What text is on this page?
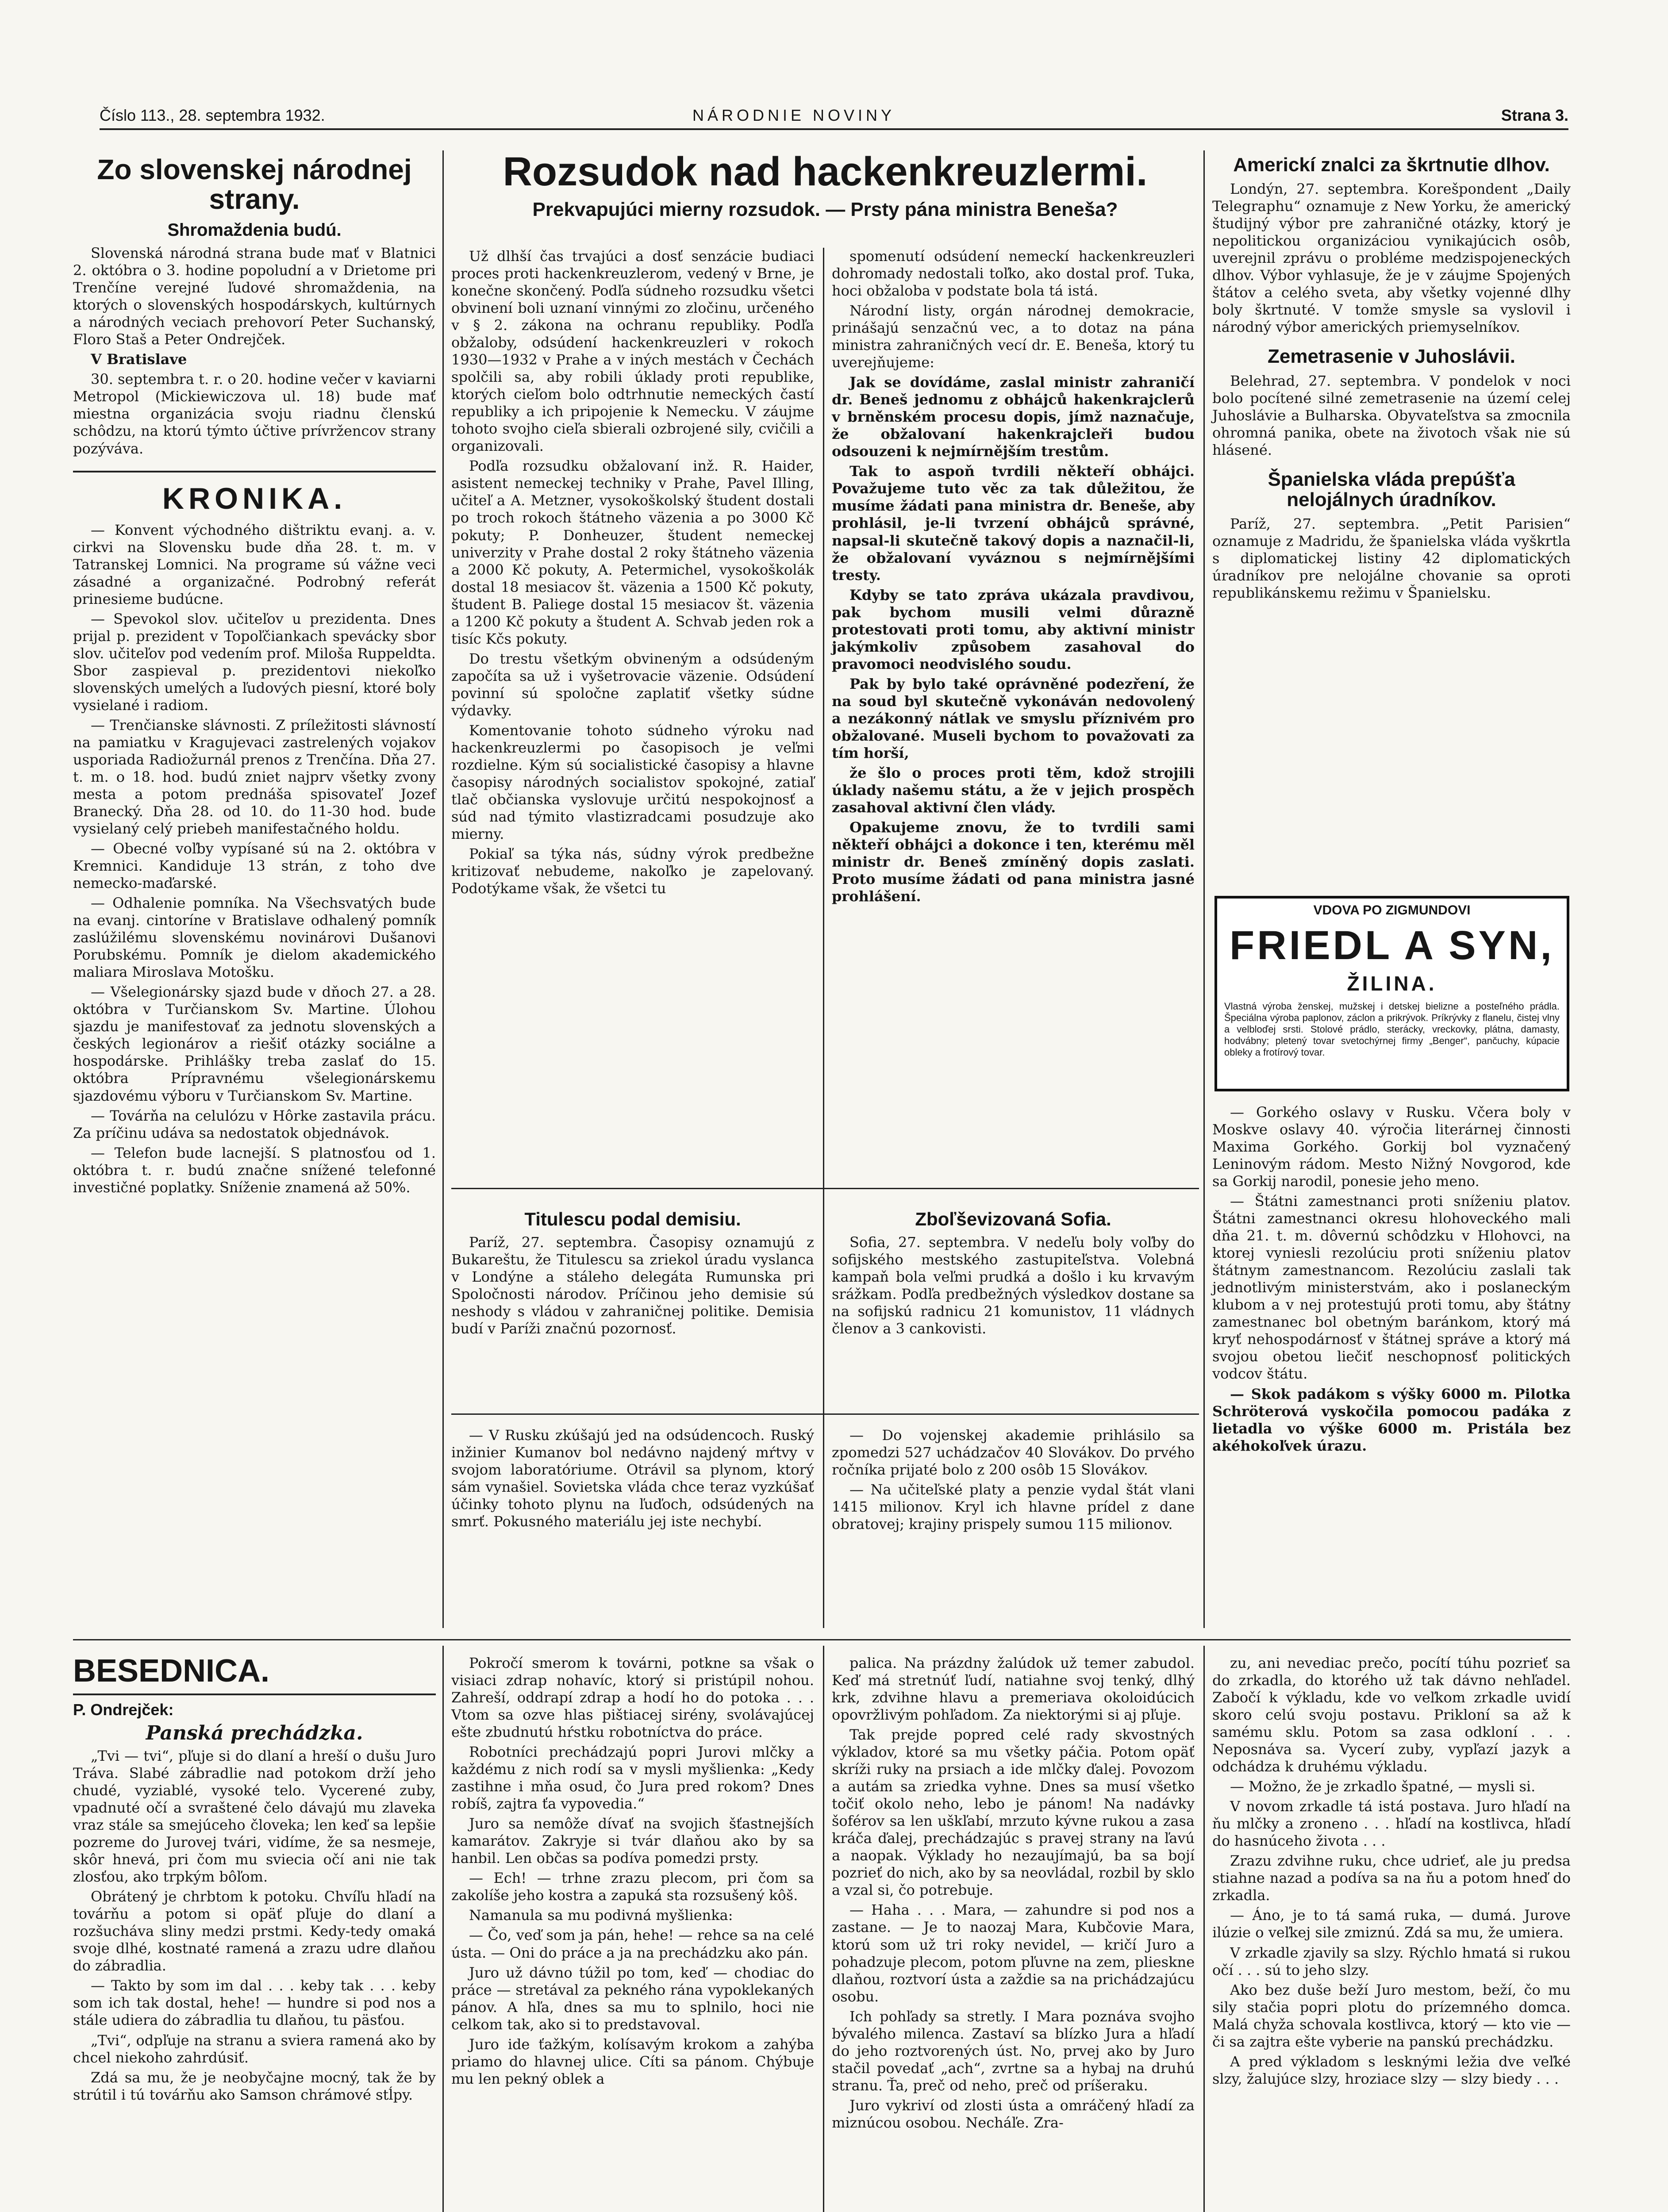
Číslo 113., 28. septembra 1932.	NÁRODNIE NOVINY	Strana 3.
Zo slovenskej národnej strany.
Shromaždenia budú.

Slovenská národná strana bude mať v Blatnici 2. októbra o 3. hodine popoludní a v Drietome pri Trenčíne verejné ľudové shromaždenia, na ktorých o slovenských hospodárskych, kultúrnych a národných veciach prehovorí Peter Suchanský, Floro Staš a Peter Ondrejček.

V Bratislave

30. septembra t. r. o 20. hodine večer v kaviarni Metropol (Mickiewiczova ul. 18) bude mať miestna organizácia svoju riadnu členskú schôdzu, na ktorú týmto účtive prívržencov strany pozýváva.

KRONIKA.

— Konvent východného dištriktu evanj. a. v. cirkvi na Slovensku bude dňa 28. t. m. v Tatranskej Lomnici. Na programe sú vážne veci zásadné a organizačné. Podrobný referát prinesieme budúcne.

— Spevokol slov. učiteľov u prezidenta. Dnes prijal p. prezident v Topoľčiankach spevácky sbor slov. učiteľov pod vedením prof. Miloša Ruppeldta. Sbor zaspieval p. prezidentovi niekoľko slovenských umelých a ľudových piesní, ktoré boly vysielané i radiom.

— Trenčianske slávnosti. Z príležitosti slávností na pamiatku v Kragujevaci zastrelených vojakov usporiada Radiožurnál prenos z Trenčína. Dňa 27. t. m. o 18. hod. budú zniet najprv všetky zvony mesta a potom prednáša spisovateľ Jozef Branecký. Dňa 28. od 10. do 11-30 hod. bude vysielaný celý priebeh manifestačného holdu.

— Obecné voľby vypísané sú na 2. októbra v Kremnici. Kandiduje 13 strán, z toho dve nemecko-maďarské.

— Odhalenie pomníka. Na Všechsvatých bude na evanj. cintoríne v Bratislave odhalený pomník zaslúžilému slovenskému novinárovi Dušanovi Porubskému. Pomník je dielom akademického maliara Miroslava Motošku.

— Všelegionársky sjazd bude v dňoch 27. a 28. októbra v Turčianskom Sv. Martine. Úlohou sjazdu je manifestovať za jednotu slovenských a českých legionárov a riešiť otázky sociálne a hospodárske. Prihlášky treba zaslať do 15. októbra Prípravnému všelegionárskemu sjazdovému výboru v Turčianskom Sv. Martine.

— Továrňa na celulózu v Hôrke zastavila prácu. Za príčinu udáva sa nedostatok objednávok.

— Telefon bude lacnejší. S platnosťou od 1. októbra t. r. budú značne snížené telefonné investičné poplatky. Sníženie znamená až 50%.

Rozsudok nad hackenkreuzlermi.
Prekvapujúci mierny rozsudok. — Prsty pána ministra Beneša?

Už dlhší čas trvajúci a dosť senzácie budiaci proces proti hackenkreuzlerom, vedený v Brne, je konečne skončený. Podľa súdneho rozsudku všetci obvinení boli uznaní vinnými zo zločinu, určeného v § 2. zákona na ochranu republiky. Podľa obžaloby, odsúdení hackenkreuzleri v rokoch 1930—1932 v Prahe a v iných mestách v Čechách spolčili sa, aby robili úklady proti republike, ktorých cieľom bolo odtrhnutie nemeckých častí republiky a ich pripojenie k Nemecku. V záujme tohoto svojho cieľa sbierali ozbrojené sily, cvičili a organizovali.

Podľa rozsudku obžalovaní inž. R. Haider, asistent nemeckej techniky v Prahe, Pavel Illing, učiteľ a A. Metzner, vysokoškolský študent dostali po troch rokoch štátneho väzenia a po 3000 Kč pokuty; P. Donheuzer, študent nemeckej univerzity v Prahe dostal 2 roky štátneho väzenia a 2000 Kč pokuty, A. Petermichel, vysokoškolák dostal 18 mesiacov št. väzenia a 1500 Kč pokuty, študent B. Paliege dostal 15 mesiacov št. väzenia a 1200 Kč pokuty a študent A. Schvab jeden rok a tisíc Kčs pokuty.

Do trestu všetkým obvineným a odsúdeným započíta sa už i vyšetrovacie väzenie. Odsúdení povinní sú spoločne zaplatiť všetky súdne výdavky.

Komentovanie tohoto súdneho výroku nad hackenkreuzlermi po časopisoch je veľmi rozdielne. Kým sú socialistické časopisy a hlavne časopisy národných socialistov spokojné, zatiaľ tlač občianska vyslovuje určitú nespokojnosť a súd nad týmito vlastizradcami posudzuje ako mierny.

Pokiaľ sa týka nás, súdny výrok predbežne kritizovať nebudeme, nakoľko je zapelovaný. Podotýkame však, že všetci tu

spomenutí odsúdení nemeckí hackenkreuzleri dohromady nedostali toľko, ako dostal prof. Tuka, hoci obžaloba v podstate bola tá istá.

Národní listy, orgán národnej demokracie, prinášajú senzačnú vec, a to dotaz na pána ministra zahraničných vecí dr. E. Beneša, ktorý tu uverejňujeme:

Jak se dovídáme, zaslal ministr zahraničí dr. Beneš jednomu z obhájců hakenkrajclerů v brněnském procesu dopis, jímž naznačuje, že obžalovaní hakenkrajcleři budou odsouzeni k nejmírnějším trestům.

Tak to aspoň tvrdili někteří obhájci. Považujeme tuto věc za tak důležitou, že musíme žádati pana ministra dr. Beneše, aby prohlásil, je-li tvrzení obhájců správné, napsal-li skutečně takový dopis a naznačil-li, že obžalovaní vyváznou s nejmírnějšími tresty.

Kdyby se tato zpráva ukázala pravdivou, pak bychom musili velmi důrazně protestovati proti tomu, aby aktivní ministr jakýmkoliv způsobem zasahoval do pravomoci neodvislého soudu.

Pak by bylo také oprávněné podezření, že na soud byl skutečně vykonáván nedovolený a nezákonný nátlak ve smyslu příznivém pro obžalované. Museli bychom to považovati za tím horší,

že šlo o proces proti těm, kdož strojili úklady našemu státu, a že v jejich prospěch zasahoval aktivní člen vlády.

Opakujeme znovu, že to tvrdili sami někteří obhájci a dokonce i ten, kterému měl ministr dr. Beneš zmíněný dopis zaslati. Proto musíme žádati od pana ministra jasné prohlášení.

Titulescu podal demisiu.

Paríž, 27. septembra. Časopisy oznamujú z Bukareštu, že Titulescu sa zriekol úradu vyslanca v Londýne a stáleho delegáta Rumunska pri Spoločnosti národov. Príčinou jeho demisie sú neshody s vládou v zahraničnej politike. Demisia budí v Paríži značnú pozornosť.

Zboľševizovaná Sofia.

Sofia, 27. septembra. V nedeľu boly voľby do sofijského mestského zastupiteľstva. Volebná kampaň bola veľmi prudká a došlo i ku krvavým srážkam. Podľa predbežných výsledkov dostane sa na sofijskú radnicu 21 komunistov, 11 vládnych členov a 3 cankovisti.

— V Rusku zkúšajú jed na odsúdencoch. Ruský inžinier Kumanov bol nedávno najdený mŕtvy v svojom laboratóriume. Otrávil sa plynom, ktorý sám vynašiel. Sovietska vláda chce teraz vyzkúšať účinky tohoto plynu na ľuďoch, odsúdených na smrť. Pokusného materiálu jej iste nechybí.

— Do vojenskej akademie prihlásilo sa zpomedzi 527 uchádzačov 40 Slovákov. Do prvého ročníka prijaté bolo z 200 osôb 15 Slovákov.

— Na učiteľské platy a penzie vydal štát vlani 1415 milionov. Kryl ich hlavne prídel z dane obratovej; krajiny prispely sumou 115 milionov.

Americkí znalci za škrtnutie dlhov.

Londýn, 27. septembra. Korešpondent „Daily Telegraphu“ oznamuje z New Yorku, že americký študijný výbor pre zahraničné otázky, ktorý je nepolitickou organizáciou vynikajúcich osôb, uverejnil zprávu o probléme medzispojeneckých dlhov. Výbor vyhlasuje, že je v záujme Spojených štátov a celého sveta, aby všetky vojenné dlhy boly škrtnuté. V tomže smysle sa vyslovil i národný výbor amerických priemyselníkov.

Zemetrasenie v Juhoslávii.

Belehrad, 27. septembra. V pondelok v noci bolo pocítené silné zemetrasenie na území celej Juhoslávie a Bulharska. Obyvateľstva sa zmocnila ohromná panika, obete na životoch však nie sú hlásené.

Španielska vláda prepúšťa nelojálnych úradníkov.

Paríž, 27. septembra. „Petit Parisien“ oznamuje z Madridu, že španielska vláda vyškrtla s diplomatickej listiny 42 diplomatických úradníkov pre nelojálne chovanie sa oproti republikánskemu režimu v Španielsku.

VDOVA PO ZIGMUNDOVI
FRIEDL A SYN,
ŽILINA.
Vlastná výroba ženskej, mužskej i detskej bielizne a posteľného prádla. Špeciálna výroba paplonov, záclon a prikrývok. Príkrývky z flanelu, čistej vlny a velbloďej srsti. Stolové prádlo, sterácky, vreckovky, plátna, damasty, hodvábny; pletený tovar svetochýrnej firmy „Benger“, pančuchy, kúpacie obleky a frotírový tovar.

— Gorkého oslavy v Rusku. Včera boly v Moskve oslavy 40. výročia literárnej činnosti Maxima Gorkého. Gorkij bol vyznačený Leninovým rádom. Mesto Nižný Novgorod, kde sa Gorkij narodil, ponesie jeho meno.

— Štátni zamestnanci proti sníženiu platov. Štátni zamestnanci okresu hlohoveckého mali dňa 21. t. m. dôvernú schôdzku v Hlohovci, na ktorej vyniesli rezolúciu proti sníženiu platov štátnym zamestnancom. Rezolúciu zaslali tak jednotlivým ministerstvám, ako i poslaneckým klubom a v nej protestujú proti tomu, aby štátny zamestnanec bol obetným baránkom, ktorý má kryť nehospodárnosť v štátnej správe a ktorý má svojou obetou liečiť neschopnosť politických vodcov štátu.

— Skok padákom s výšky 6000 m. Pilotka Schröterová vyskočila pomocou padáka z lietadla vo výške 6000 m. Pristála bez akéhokoľvek úrazu.

BESEDNICA.
P. Ondrejček:
Panská prechádzka.

„Tvi — tvi“, pľuje si do dlaní a hreší o dušu Juro Tráva. Slabé zábradlie nad potokom drží jeho chudé, vyziablé, vysoké telo. Vycerené zuby, vpadnuté očí a svraštené čelo dávajú mu zlaveka vraz stále sa smejúceho človeka; len keď sa lepšie pozreme do Jurovej tvári, vidíme, že sa nesmeje, skôr hnevá, pri čom mu sviecia očí ani nie tak zlosťou, ako trpkým bôľom.

Obrátený je chrbtom k potoku. Chvíľu hľadí na továrňu a potom si opäť pľuje do dlaní a rozšucháva sliny medzi prstmi. Kedy-tedy omaká svoje dlhé, kostnaté ramená a zrazu udre dlaňou do zábradlia.

— Takto by som im dal . . . keby tak . . . keby som ich tak dostal, hehe! — hundre si pod nos a stále udiera do zábradlia tu dlaňou, tu päsťou.

„Tvi“, odpľuje na stranu a sviera ramená ako by chcel niekoho zahrdúsiť.

Zdá sa mu, že je neobyčajne mocný, tak že by strútil i tú továrňu ako Samson chrámové stĺpy.

Pokročí smerom k továrni, potkne sa však o visiaci zdrap nohavíc, ktorý si pristúpil nohou. Zahreší, oddrapí zdrap a hodí ho do potoka . . . Vtom sa ozve hlas pištiacej sirény, svolávajúcej ešte zbudnutú hŕstku robotníctva do práce.

Robotníci prechádzajú popri Jurovi mlčky a každému z nich rodí sa v mysli myšlienka: „Kedy zastihne i mňa osud, čo Jura pred rokom? Dnes robíš, zajtra ťa vypovedia.“

Juro sa nemôže dívať na svojich šťastnejších kamarátov. Zakryje si tvár dlaňou ako by sa hanbil. Len občas sa podíva pomedzi prsty.

— Ech! — trhne zrazu plecom, pri čom sa zakolíše jeho kostra a zapuká sta rozsušený kôš.

Namanula sa mu podivná myšlienka:

— Čo, veď som ja pán, hehe! — rehce sa na celé ústa. — Oni do práce a ja na prechádzku ako pán.

Juro už dávno túžil po tom, keď — chodiac do práce — stretával za pekného rána vypoklekaných pánov. A hľa, dnes sa mu to splnilo, hoci nie celkom tak, ako si to predstavoval.

Juro ide ťažkým, kolísavým krokom a zahýba priamo do hlavnej ulice. Cíti sa pánom. Chýbuje mu len pekný oblek a

palica. Na prázdny žalúdok už temer zabudol. Keď má stretnúť ľudí, natiahne svoj tenký, dlhý krk, zdvihne hlavu a premeriava okoloidúcich opovržlivým pohľadom. Za niektorými si aj pľuje.

Tak prejde popred celé rady skvostných výkladov, ktoré sa mu všetky páčia. Potom opäť skríži ruky na prsiach a ide mlčky ďalej. Povozom a autám sa zriedka vyhne. Dnes sa musí všetko točiť okolo neho, lebo je pánom! Na nadávky šoférov sa len uškľabí, mrzuto kývne rukou a zasa kráča ďalej, prechádzajúc s pravej strany na ľavú a naopak. Výklady ho nezaujímajú, ba sa bojí pozrieť do nich, ako by sa neovládal, rozbil by sklo a vzal si, čo potrebuje.

— Haha . . . Mara, — zahundre si pod nos a zastane. — Je to naozaj Mara, Kubčovie Mara, ktorú som už tri roky nevidel, — kričí Juro a pohadzuje plecom, potom pľuvne na zem, plieskne dlaňou, roztvorí ústa a zaždie sa na prichádzajúcu osobu.

Ich pohľady sa stretly. I Mara poznáva svojho bývalého milenca. Zastaví sa blízko Jura a hľadí do jeho roztvorených úst. No, prvej ako by Juro stačil povedať „ach“, zvrtne sa a hybaj na druhú stranu. Ťa, preč od neho, preč od príšeraku.

Juro vykriví od zlosti ústa a omráčený hľadí za miznúcou osobou. Necháľe. Zra-

zu, ani nevediac prečo, pocítí túhu pozrieť sa do zrkadla, do ktorého už tak dávno nehľadel. Zabočí k výkladu, kde vo veľkom zrkadle uvidí skoro celú svoju postavu. Prikloní sa až k samému sklu. Potom sa zasa odkloní . . . Neposnáva sa. Vycerí zuby, vypľazí jazyk a odchádza k druhému výkladu.

— Možno, že je zrkadlo špatné, — mysli si.

V novom zrkadle tá istá postava. Juro hľadí na ňu mlčky a zroneno . . . hľadí na kostlivca, hľadí do hasnúceho života . . .

Zrazu zdvihne ruku, chce udrieť, ale ju predsa stiahne nazad a podíva sa na ňu a potom hneď do zrkadla.

— Áno, je to tá samá ruka, — dumá. Jurove ilúzie o veľkej sile zmiznú. Zdá sa mu, že umiera.

V zrkadle zjavily sa slzy. Rýchlo hmatá si rukou očí . . . sú to jeho slzy.

Ako bez duše beží Juro mestom, beží, čo mu sily stačia popri plotu do prízemného domca. Malá chyža schovala kostlivca, ktorý — kto vie — či sa zajtra ešte vyberie na panskú prechádzku.

A pred výkladom s lesknými ležia dve veľké slzy, žalujúce slzy, hroziace slzy — slzy biedy . . .
